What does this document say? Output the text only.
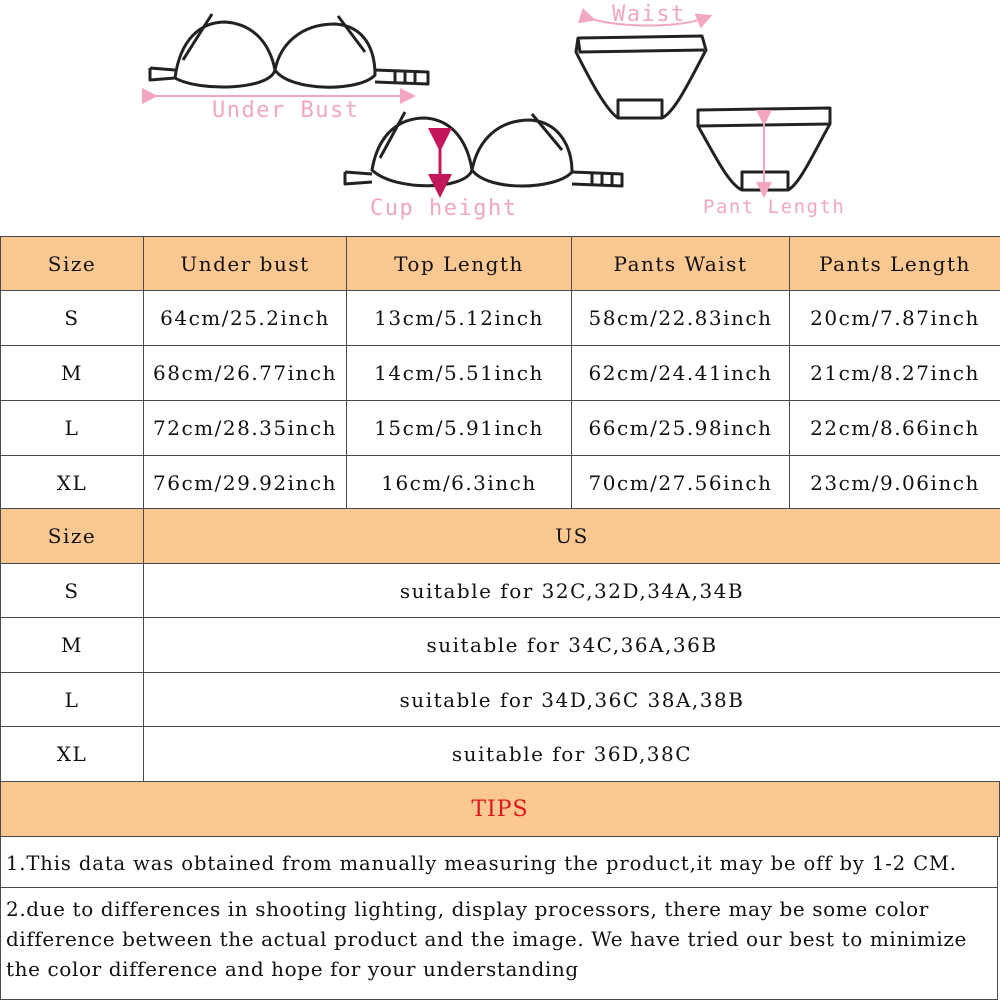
Under Bust
Cup height
Waist
Pant Length
Size	Under bust	Top Length	Pants Waist	Pants Length
S	64cm/25.2inch	13cm/5.12inch	58cm/22.83inch	20cm/7.87inch
M	68cm/26.77inch	14cm/5.51inch	62cm/24.41inch	21cm/8.27inch
L	72cm/28.35inch	15cm/5.91inch	66cm/25.98inch	22cm/8.66inch
XL	76cm/29.92inch	16cm/6.3inch	70cm/27.56inch	23cm/9.06inch
Size	US
S	suitable for 32C,32D,34A,34B
M	suitable for 34C,36A,36B
L	suitable for 34D,36C 38A,38B
XL	suitable for 36D,38C
TIPS
1.This data was obtained from manually measuring the product,it may be off by 1-2 CM.
2.due to differences in shooting lighting, display processors, there may be some color difference between the actual product and the image. We have tried our best to minimize the color difference and hope for your understanding
